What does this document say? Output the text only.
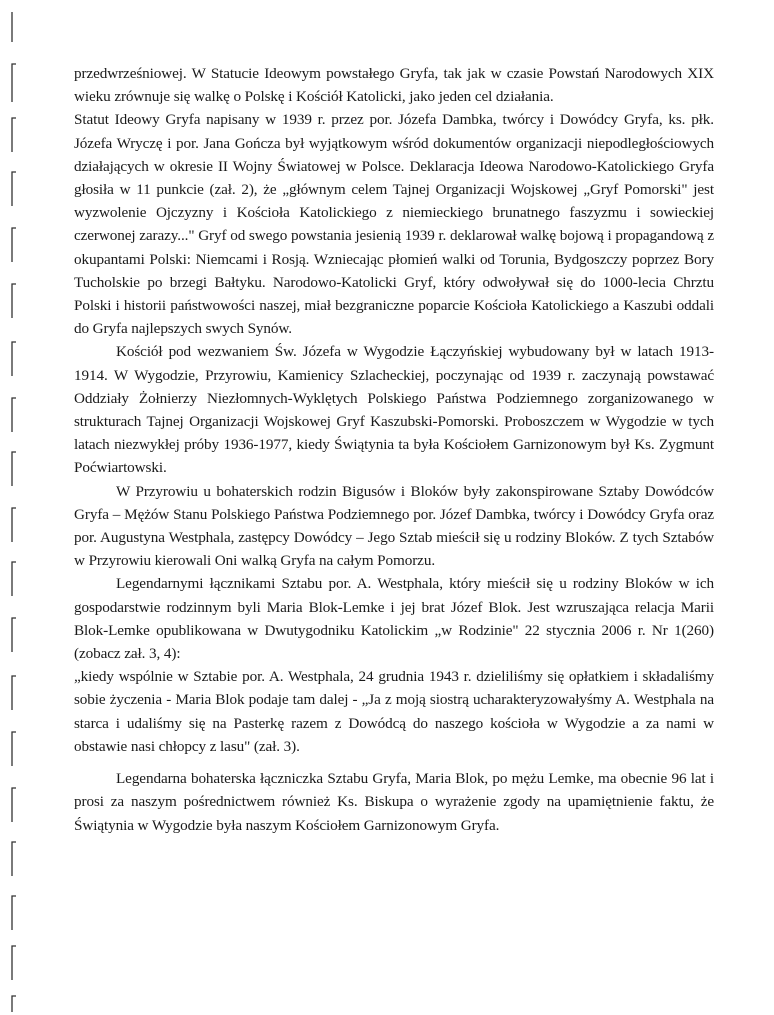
przedwrześniowej. W Statucie Ideowym powstałego Gryfa, tak jak w czasie Powstań Narodowych XIX wieku zrównuje się walkę o Polskę i Kościół Katolicki, jako jeden cel działania.

Statut Ideowy Gryfa napisany w 1939 r. przez por. Józefa Dambka, twórcy i Dowódcy Gryfa, ks. płk. Józefa Wryczę i por. Jana Gończa był wyjątkowym wśród dokumentów organizacji niepodległościowych działających w okresie II Wojny Światowej w Polsce. Deklaracja Ideowa Narodowo-Katolickiego Gryfa głosiła w 11 punkcie (zał. 2), że „głównym celem Tajnej Organizacji Wojskowej „Gryf Pomorski" jest wyzwolenie Ojczyzny i Kościoła Katolickiego z niemieckiego brunatnego faszyzmu i sowieckiej czerwonej zarazy..." Gryf od swego powstania jesienią 1939 r. deklarował walkę bojową i propagandową z okupantami Polski: Niemcami i Rosją. Wzniecając płomień walki od Torunia, Bydgoszczy poprzez Bory Tucholskie po brzegi Bałtyku. Narodowo-Katolicki Gryf, który odwoływał się do 1000-lecia Chrztu Polski i historii państwowości naszej, miał bezgraniczne poparcie Kościoła Katolickiego a Kaszubi oddali do Gryfa najlepszych swych Synów.

Kościół pod wezwaniem Św. Józefa w Wygodzie Łączyńskiej wybudowany był w latach 1913-1914. W Wygodzie, Przyrowiu, Kamienicy Szlacheckiej, poczynając od 1939 r. zaczynają powstawać Oddziały Żołnierzy Niezłomnych-Wyklętych Polskiego Państwa Podziemnego zorganizowanego w strukturach Tajnej Organizacji Wojskowej Gryf Kaszubski-Pomorski. Proboszczem w Wygodzie w tych latach niezwykłej próby 1936-1977, kiedy Świątynia ta była Kościołem Garnizonowym był Ks. Zygmunt Poćwiartowski.

W Przyrowiu u bohaterskich rodzin Bigusów i Bloków były zakonspirowane Sztaby Dowódców Gryfa – Mężów Stanu Polskiego Państwa Podziemnego por. Józef Dambka, twórcy i Dowódcy Gryfa oraz por. Augustyna Westphala, zastępcy Dowódcy – Jego Sztab mieścił się u rodziny Bloków. Z tych Sztabów w Przyrowiu kierowali Oni walką Gryfa na całym Pomorzu.

Legendarnymi łącznikami Sztabu por. A. Westphala, który mieścił się u rodziny Bloków w ich gospodarstwie rodzinnym byli Maria Blok-Lemke i jej brat Józef Blok. Jest wzruszająca relacja Marii Blok-Lemke opublikowana w Dwutygodniku Katolickim „w Rodzinie" 22 stycznia 2006 r. Nr 1(260) (zobacz zał. 3, 4):

„kiedy wspólnie w Sztabie por. A. Westphala, 24 grudnia 1943 r. dzieliliśmy się opłatkiem i składaliśmy sobie życzenia - Maria Blok podaje tam dalej - „Ja z moją siostrą ucharakteryzowałyśmy A. Westphala na starca i udaliśmy się na Pasterkę razem z Dowódcą do naszego kościoła w Wygodzie a za nami w obstawie nasi chłopcy z lasu" (zał. 3).

Legendarna bohaterska łączniczka Sztabu Gryfa, Maria Blok, po mężu Lemke, ma obecnie 96 lat i prosi za naszym pośrednictwem również Ks. Biskupa o wyrażenie zgody na upamiętnienie faktu, że Świątynia w Wygodzie była naszym Kościołem Garnizonowym Gryfa.
